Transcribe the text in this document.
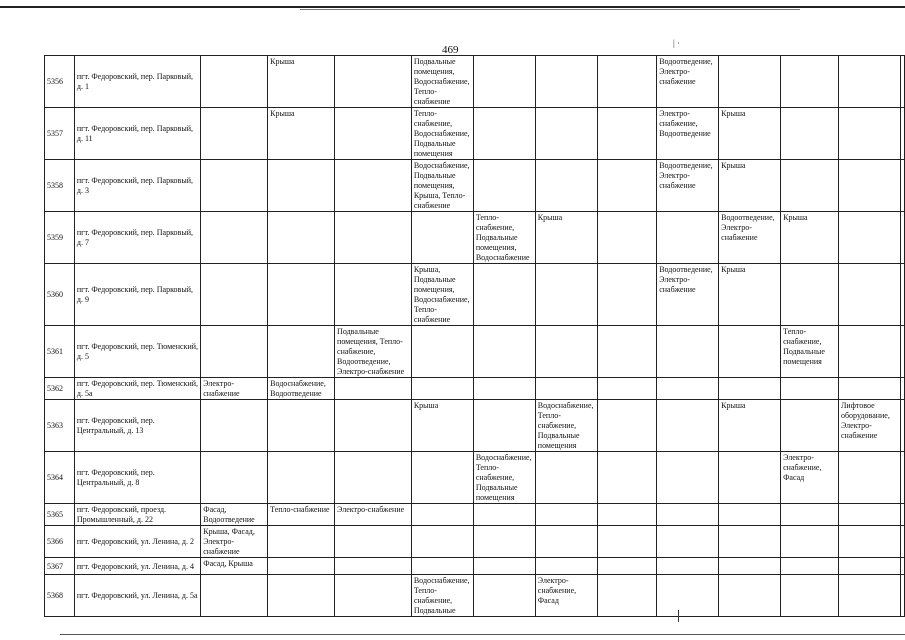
469
| ·
5356	пгт. Федоровский, пер. Парковый, д. 1		Крыша		Подвальные помещения, Водоснабжение, Тепло-снабжение				Водоотведение, Электро-снабжение				
5357	пгт. Федоровский, пер. Парковый, д. 11		Крыша		Тепло-снабжение, Водоснабжение, Подвальные помещения				Электро-снабжение, Водоотведение	Крыша			
5358	пгт. Федоровский, пер. Парковый, д. 3				Водоснабжение, Подвальные помещения, Крыша, Тепло-снабжение				Водоотведение, Электро-снабжение	Крыша			
5359	пгт. Федоровский, пер. Парковый, д. 7					Тепло-снабжение, Подвальные помещения, Водоснабжение	Крыша			Водоотведение, Электро-снабжение	Крыша		
5360	пгт. Федоровский, пер. Парковый, д. 9				Крыша, Подвальные помещения, Водоснабжение, Тепло-снабжение				Водоотведение, Электро-снабжение	Крыша			
5361	пгт. Федоровский, пер. Тюменский, д. 5			Подвальные помещения, Тепло-снабжение, Водоотведение, Электро-снабжение							Тепло-снабжение, Подвальные помещения		
5362	пгт. Федоровский, пер. Тюменский, д. 5а	Электро-снабжение	Водоснабжение, Водоотведение										
5363	пгт. Федоровский, пер. Центральный, д. 13				Крыша		Водоснабжение, Тепло-снабжение, Подвальные помещения			Крыша		Лифтовое оборудование, Электро-снабжение	
5364	пгт. Федоровский, пер. Центральный, д. 8					Водоснабжение, Тепло-снабжение, Подвальные помещения					Электро-снабжение, Фасад		
5365	пгт. Федоровский, проезд. Промышленный, д. 22	Фасад, Водоотведение	Тепло-снабжение	Электро-снабжение									
5366	пгт. Федоровский, ул. Ленина, д. 2	Крыша, Фасад, Электро-снабжение											
5367	пгт. Федоровский, ул. Ленина, д. 4	Фасад, Крыша											
5368	пгт. Федоровский, ул. Ленина, д. 5а				Водоснабжение, Тепло-снабжение, Подвальные		Электро-снабжение, Фасад						
